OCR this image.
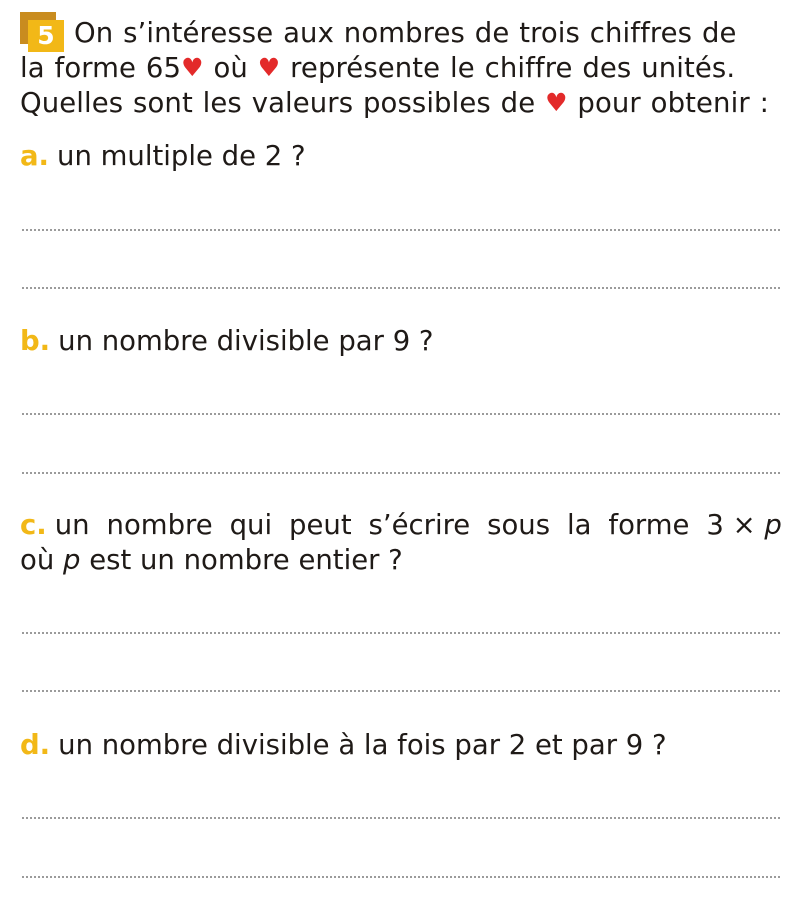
5 On s’intéresse aux nombres de trois chiffres de
la forme 65♥ où ♥ représente le chiffre des unités.
Quelles sont les valeurs possibles de ♥ pour obtenir :
a. un multiple de 2 ?
b. un nombre divisible par 9 ?
c. un nombre qui peut s’écrire sous la forme 3 × p
où p est un nombre entier ?
d. un nombre divisible à la fois par 2 et par 9 ?
